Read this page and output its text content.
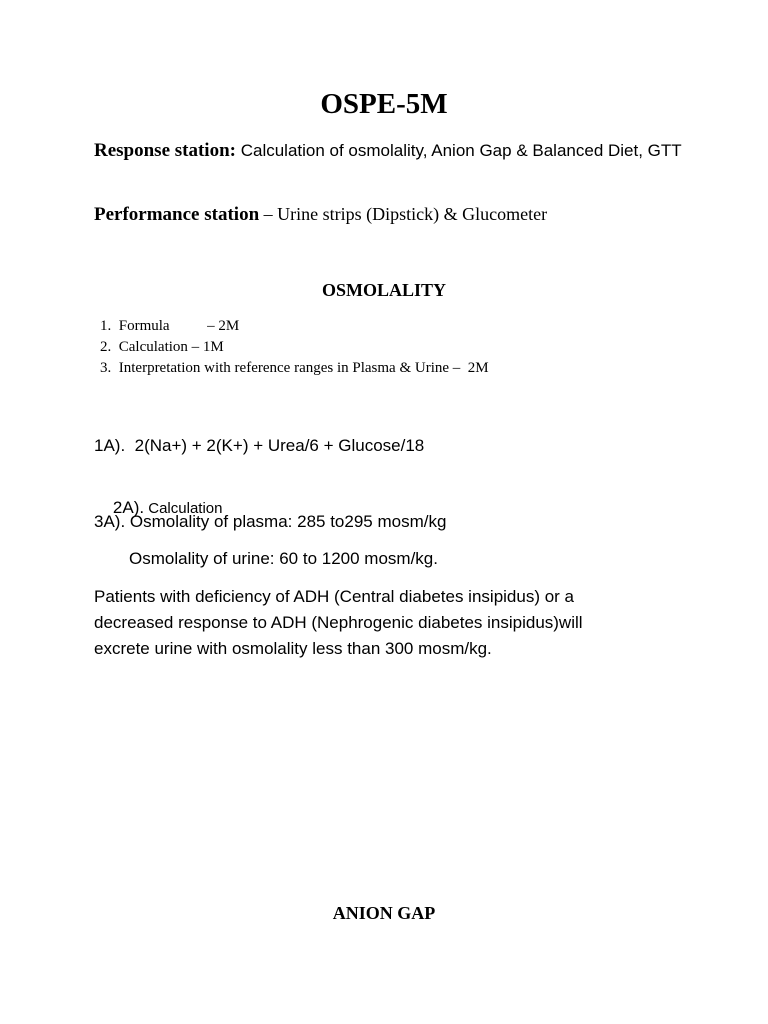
OSPE-5M
Response station: Calculation of osmolality, Anion Gap & Balanced Diet, GTT
Performance station – Urine strips (Dipstick) & Glucometer
OSMOLALITY
1.  Formula          – 2M
2.  Calculation – 1M
3.  Interpretation with reference ranges in Plasma & Urine –  2M
1A).  2(Na+) + 2(K+) + Urea/6 + Glucose/18

2A). Calculation

3A). Osmolality of plasma: 285 to295 mosm/kg
Osmolality of urine: 60 to 1200 mosm/kg.
Patients with deficiency of ADH (Central diabetes insipidus) or a
decreased response to ADH (Nephrogenic diabetes insipidus)will
excrete urine with osmolality less than 300 mosm/kg.
ANION GAP
